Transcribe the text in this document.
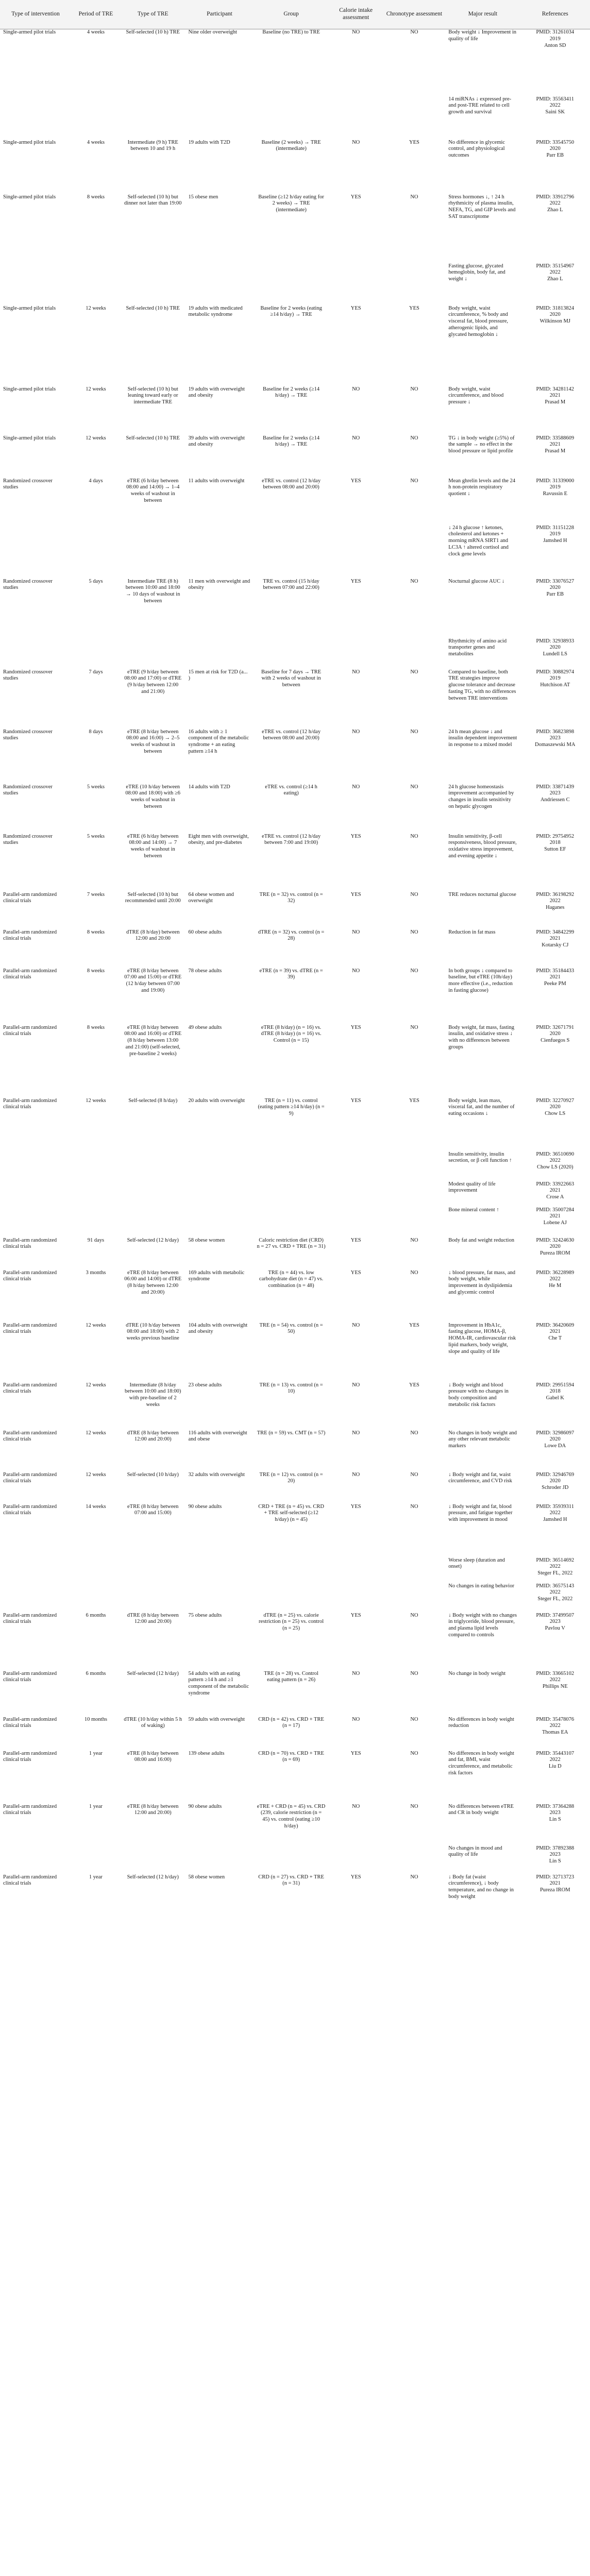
Type of intervention	Period of TRE	Type of TRE	Participant	Group	Calorie intake assessment	Chronotype assessment	Major result	References
Single-armed pilot trials	4 weeks	Self-selected (10 h) TRE	Nine older overweight	Baseline (no TRE) to TRE	NO	NO	Body weight ↓ Improvement in quality of life	PMID: 31261034
2019
Anton SD
							14 miRNAs ↓ expressed pre- and post-TRE related to cell growth and survival	PMID: 35563411
2022
Saini SK
Single-armed pilot trials	4 weeks	Intermediate (9 h) TRE between 10 and 19 h	19 adults with T2D	Baseline (2 weeks) → TRE (intermediate)	NO	YES	No difference in glycemic control, and physiological outcomes	PMID: 33545750
2020
Parr EB
Single-armed pilot trials	8 weeks	Self-selected (10 h) but dinner not later than 19:00	15 obese men	Baseline (≥12 h/day eating for 2 weeks) → TRE (intermediate)	YES	NO	Stress hormones ↓, ↑ 24 h rhythmicity of plasma insulin, NEFA, TG, and GIP levels and SAT transcriptome	PMID: 33912796
2022
Zhao L
							Fasting glucose, glycated hemoglobin, body fat, and weight ↓	PMID: 35154967
2022
Zhao L
Single-armed pilot trials	12 weeks	Self-selected (10 h) TRE	19 adults with medicated metabolic syndrome	Baseline for 2 weeks (eating ≥14 h/day) → TRE	YES	YES	Body weight, waist circumference, % body and visceral fat, blood pressure, atherogenic lipids, and glycated hemoglobin ↓	PMID: 31813824
2020
Wilkinson MJ
Single-armed pilot trials	12 weeks	Self-selected (10 h) but leaning toward early or intermediate TRE	19 adults with overweight and obesity	Baseline for 2 weeks (≥14 h/day) → TRE	NO	NO	Body weight, waist circumference, and blood pressure ↓	PMID: 34281142
2021
Prasad M
Single-armed pilot trials	12 weeks	Self-selected (10 h) TRE	39 adults with overweight and obesity	Baseline for 2 weeks (≥14 h/day) → TRE	NO	NO	TG ↓ in body weight (≥5%) of the sample → no effect in the blood pressure or lipid profile	PMID: 33588609
2021
Prasad M
Randomized crossover studies	4 days	eTRE (6 h/day between 08:00 and 14:00) → 1–4 weeks of washout in between	11 adults with overweight	eTRE vs. control (12 h/day between 08:00 and 20:00)	YES	NO	Mean ghrelin levels and the 24 h non-protein respiratory quotient ↓	PMID: 31339000
2019
Ravussin E
							↓ 24 h glucose ↑ ketones, cholesterol and ketones + morning mRNA SIRT1 and LC3A ↑ altered cortisol and clock gene levels	PMID: 31151228
2019
Jamshed H
Randomized crossover studies	5 days	Intermediate TRE (8 h) between 10:00 and 18:00 → 10 days of washout in between	11 men with overweight and obesity	TRE vs. control (15 h/day between 07:00 and 22:00)	YES	NO	Nocturnal glucose AUC ↓	PMID: 33076527
2020
Parr EB
							Rhythmicity of amino acid transporter genes and metabolites	PMID: 32938933
2020
Lundell LS
Randomized crossover studies	7 days	eTRE (9 h/day between 08:00 and 17:00) or dTRE (9 h/day between 12:00 and 21:00)	15 men at risk for T2D (a... )	Baseline for 7 days → TRE with 2 weeks of washout in between	NO	NO	Compared to baseline, both TRE strategies improve glucose tolerance and decrease fasting TG, with no differences between TRE interventions	PMID: 30882974
2019
Hutchison AT
Randomized crossover studies	8 days	eTRE (8 h/day between 08:00 and 16:00) → 2–5 weeks of washout in between	16 adults with ≥ 1 component of the metabolic syndrome + an eating pattern ≥14 h	eTRE vs. control (12 h/day between 08:00 and 20:00)	NO	NO	24 h mean glucose ↓ and insulin dependent improvement in response to a mixed model	PMID: 36823898
2023
Domaszewski MA
Randomized crossover studies	5 weeks	eTRE (10 h/day between 08:00 and 18:00) with ≥6 weeks of washout in between	14 adults with T2D	eTRE vs. control (≥14 h eating)	NO	NO	24 h glucose homeostasis improvement accompanied by changes in insulin sensitivity on hepatic glycogen	PMID: 33871439
2023
Andriessen C
Randomized crossover studies	5 weeks	eTRE (6 h/day between 08:00 and 14:00) → 7 weeks of washout in between	Eight men with overweight, obesity, and pre-diabetes	eTRE vs. control (12 h/day between 7:00 and 19:00)	YES	NO	Insulin sensitivity, β-cell responsiveness, blood pressure, oxidative stress improvement, and evening appetite ↓	PMID: 29754952
2018
Sutton EF
Parallel-arm randomized clinical trials	7 weeks	Self-selected (10 h) but recommended until 20:00	64 obese women and overweight	TRE (n = 32) vs. control (n = 32)	YES	NO	TRE reduces nocturnal glucose	PMID: 36198292
2022
Haganes
Parallel-arm randomized clinical trials	8 weeks	dTRE (8 h/day) between 12:00 and 20:00	60 obese adults	dTRE (n = 32) vs. control (n = 28)	NO	NO	Reduction in fat mass	PMID: 34842299
2021
Kotarsky CJ
Parallel-arm randomized clinical trials	8 weeks	eTRE (8 h/day between 07:00 and 15:00) or dTRE (12 h/day between 07:00 and 19:00)	78 obese adults	eTRE (n = 39) vs. dTRE (n = 39)	NO	NO	In both groups ↓ compared to baseline, but eTRE (10h/day) more effective (i.e., reduction in fasting glucose)	PMID: 35184433
2021
Peeke PM
Parallel-arm randomized clinical trials	8 weeks	eTRE (8 h/day between 08:00 and 16:00) or dTRE (8 h/day between 13:00 and 21:00) (self-selected, pre-baseline 2 weeks)	49 obese adults	eTRE (8 h/day) (n = 16) vs. dTRE (8 h/day) (n = 16) vs. Control (n = 15)	YES	NO	Body weight, fat mass, fasting insulin, and oxidative stress ↓ with no differences between groups	PMID: 32671791
2020
Cienfuegos S
Parallel-arm randomized clinical trials	12 weeks	Self-selected (8 h/day)	20 adults with overweight	TRE (n = 11) vs. control (eating pattern ≥14 h/day) (n = 9)	YES	YES	Body weight, lean mass, visceral fat, and the number of eating occasions ↓	PMID: 32270927
2020
Chow LS
							Insulin sensitivity, insulin secretion, or β cell function ↑	PMID: 36510690
2022
Chow LS (2020)
							Modest quality of life improvement	PMID: 33922663
2021
Crose A
							Bone mineral content ↑	PMID: 35007284
2021
Lobene AJ
Parallel-arm randomized clinical trials	91 days	Self-selected (12 h/day)	58 obese women	Caloric restriction diet (CRD) n = 27 vs. CRD + TRE (n = 31)	YES	NO	Body fat and weight reduction	PMID: 32424630
2020
Pureza IROM
Parallel-arm randomized clinical trials	3 months	eTRE (8 h/day between 06:00 and 14:00) or dTRE (8 h/day between 12:00 and 20:00)	169 adults with metabolic syndrome	TRE (n = 44) vs. low carbohydrate diet (n = 47) vs. combination (n = 48)	YES	NO	↓ blood pressure, fat mass, and body weight, while improvement in dyslipidemia and glycemic control	PMID: 36228989
2022
He M
Parallel-arm randomized clinical trials	12 weeks	dTRE (10 h/day between 08:00 and 18:00) with 2 weeks previous baseline	104 adults with overweight and obesity	TRE (n = 54) vs. control (n = 50)	NO	YES	Improvement in HbA1c, fasting glucose, HOMA-β, HOMA-IR, cardiovascular risk lipid markers, body weight, slope and quality of life	PMID: 36420609
2021
Che T
Parallel-arm randomized clinical trials	12 weeks	Intermediate (8 h/day between 10:00 and 18:00) with pre-baseline of 2 weeks	23 obese adults	TRE (n = 13) vs. control (n = 10)	NO	YES	↓ Body weight and blood pressure with no changes in body composition and metabolic risk factors	PMID: 29951594
2018
Gabel K
Parallel-arm randomized clinical trials	12 weeks	dTRE (8 h/day between 12:00 and 20:00)	116 adults with overweight and obese	TRE (n = 59) vs. CMT (n = 57)	NO	NO	No changes in body weight and any other relevant metabolic markers	PMID: 32986097
2020
Lowe DA
Parallel-arm randomized clinical trials	12 weeks	Self-selected (10 h/day)	32 adults with overweight	TRE (n = 12) vs. control (n = 20)	NO	NO	↓ Body weight and fat, waist circumference, and CVD risk	PMID: 32946769
2020
Schroder JD
Parallel-arm randomized clinical trials	14 weeks	eTRE (8 h/day between 07:00 and 15:00)	90 obese adults	CRD + TRE (n = 45) vs. CRD + TRE self-selected (≥12 h/day) (n = 45)	YES	NO	↓ Body weight and fat, blood pressure, and fatigue together with improvement in mood	PMID: 35939311
2022
Jamshed H
							Worse sleep (duration and onset)	PMID: 36514692
2022
Steger FL, 2022
							No changes in eating behavior	PMID: 36575143
2022
Steger FL, 2022
Parallel-arm randomized clinical trials	6 months	dTRE (8 h/day between 12:00 and 20:00)	75 obese adults	dTRE (n = 25) vs. calorie restriction (n = 25) vs. control (n = 25)	YES	NO	↓ Body weight with no changes in triglyceride, blood pressure, and plasma lipid levels compared to controls	PMID: 37499507
2023
Pavlou V
Parallel-arm randomized clinical trials	6 months	Self-selected (12 h/day)	54 adults with an eating pattern ≥14 h and ≥1 component of the metabolic syndrome	TRE (n = 28) vs. Control eating pattern (n = 26)	NO	NO	No change in body weight	PMID: 33665102
2022
Phillips NE
Parallel-arm randomized clinical trials	10 months	dTRE (10 h/day within 5 h of waking)	59 adults with overweight	CRD (n = 42) vs. CRD + TRE (n = 17)	NO	NO	No differences in body weight reduction	PMID: 35478076
2022
Thomas EA
Parallel-arm randomized clinical trials	1 year	eTRE (8 h/day between 08:00 and 16:00)	139 obese adults	CRD (n = 70) vs. CRD + TRE (n = 69)	YES	NO	No differences in body weight and fat, BMI, waist circumference, and metabolic risk factors	PMID: 35443107
2022
Liu D
Parallel-arm randomized clinical trials	1 year	eTRE (8 h/day between 12:00 and 20:00)	90 obese adults	eTRE + CRD (n = 45) vs. CRD (239, calorie restriction (n = 45) vs. control (eating ≥10 h/day)	NO	NO	No differences between eTRE and CR in body weight	PMID: 37364288
2023
Lin S
							No changes in mood and quality of life	PMID: 37892388
2023
Lin S
Parallel-arm randomized clinical trials	1 year	Self-selected (12 h/day)	58 obese women	CRD (n = 27) vs. CRD + TRE (n = 31)	YES	NO	↓ Body fat (waist circumference), ↓ body temperature, and no change in body weight	PMID: 32713723
2021
Pureza IROM
